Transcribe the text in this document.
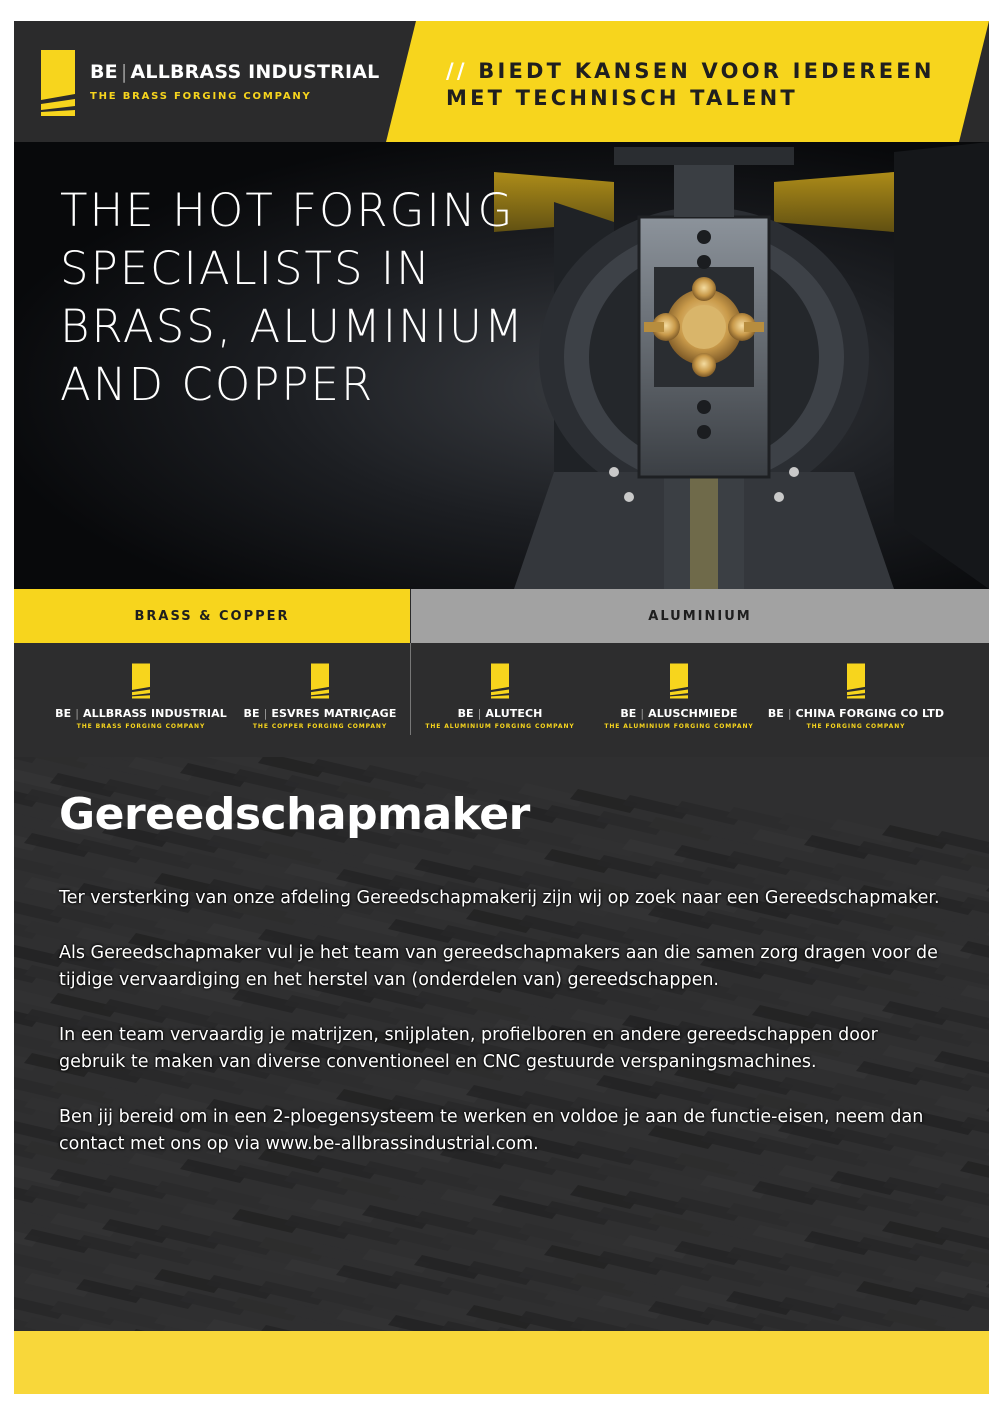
BE | ALLBRASS INDUSTRIAL
THE BRASS FORGING COMPANY
// BIEDT KANSEN VOOR IEDEREEN
MET TECHNISCH TALENT
THE HOT FORGING
SPECIALISTS IN
BRASS, ALUMINIUM
AND COPPER
BRASS & COPPER	ALUMINIUM
BE | ALLBRASS INDUSTRIAL
THE BRASS FORGING COMPANY
BE | ESVRES MATRIÇAGE
THE COPPER FORGING COMPANY
BE | ALUTECH
THE ALUMINIUM FORGING COMPANY
BE | ALUSCHMIEDE
THE ALUMINIUM FORGING COMPANY
BE | CHINA FORGING CO LTD
THE FORGING COMPANY
Gereedschapmaker

Ter versterking van onze afdeling Gereedschapmakerij zijn wij op zoek naar een Gereedschapmaker.

Als Gereedschapmaker vul je het team van gereedschapmakers aan die samen zorg dragen voor de tijdige vervaardiging en het herstel van (onderdelen van) gereedschappen.

In een team vervaardig je matrijzen, snijplaten, profielboren en andere gereedschappen door gebruik te maken van diverse conventioneel en CNC gestuurde verspaningsmachines.

Ben jij bereid om in een 2-ploegensysteem te werken en voldoe je aan de functie-eisen, neem dan contact met ons op via www.be-allbrassindustrial.com.
